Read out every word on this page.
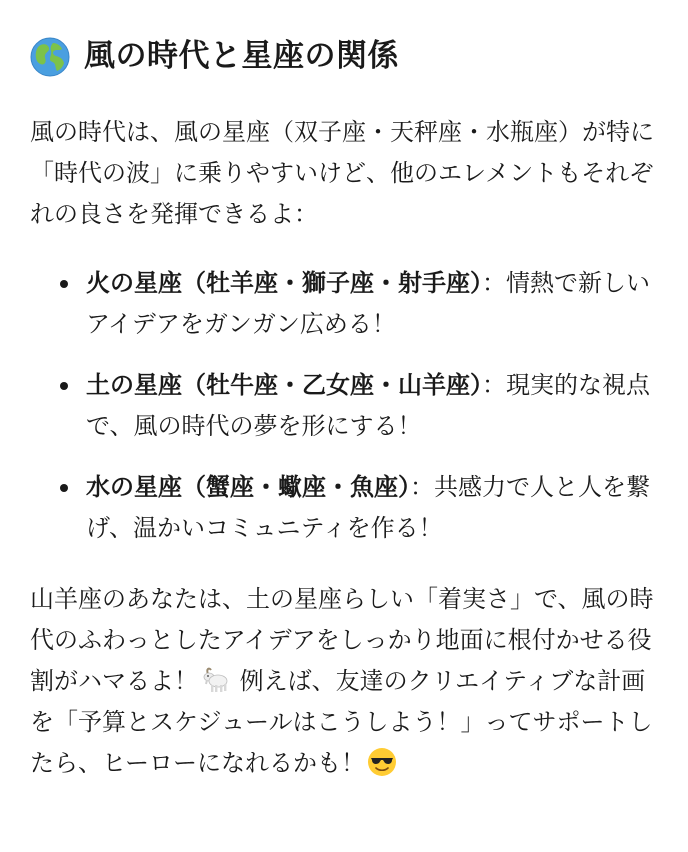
風の時代と星座の関係

風の時代は、風の星座（双子座・天秤座・水瓶座）が特に「時代の波」に乗りやすいけど、他のエレメントもそれぞれの良さを発揮できるよ：

火の星座（牡羊座・獅子座・射手座）：情熱で新しいアイデアをガンガン広める！
土の星座（牡牛座・乙女座・山羊座）：現実的な視点で、風の時代の夢を形にする！
水の星座（蟹座・蠍座・魚座）：共感力で人と人を繋げ、温かいコミュニティを作る！

山羊座のあなたは、土の星座らしい「着実さ」で、風の時代のふわっとしたアイデアをしっかり地面に根付かせる役割がハマるよ！ 例えば、友達のクリエイティブな計画を「予算とスケジュールはこうしよう！」ってサポートしたら、ヒーローになれるかも！
